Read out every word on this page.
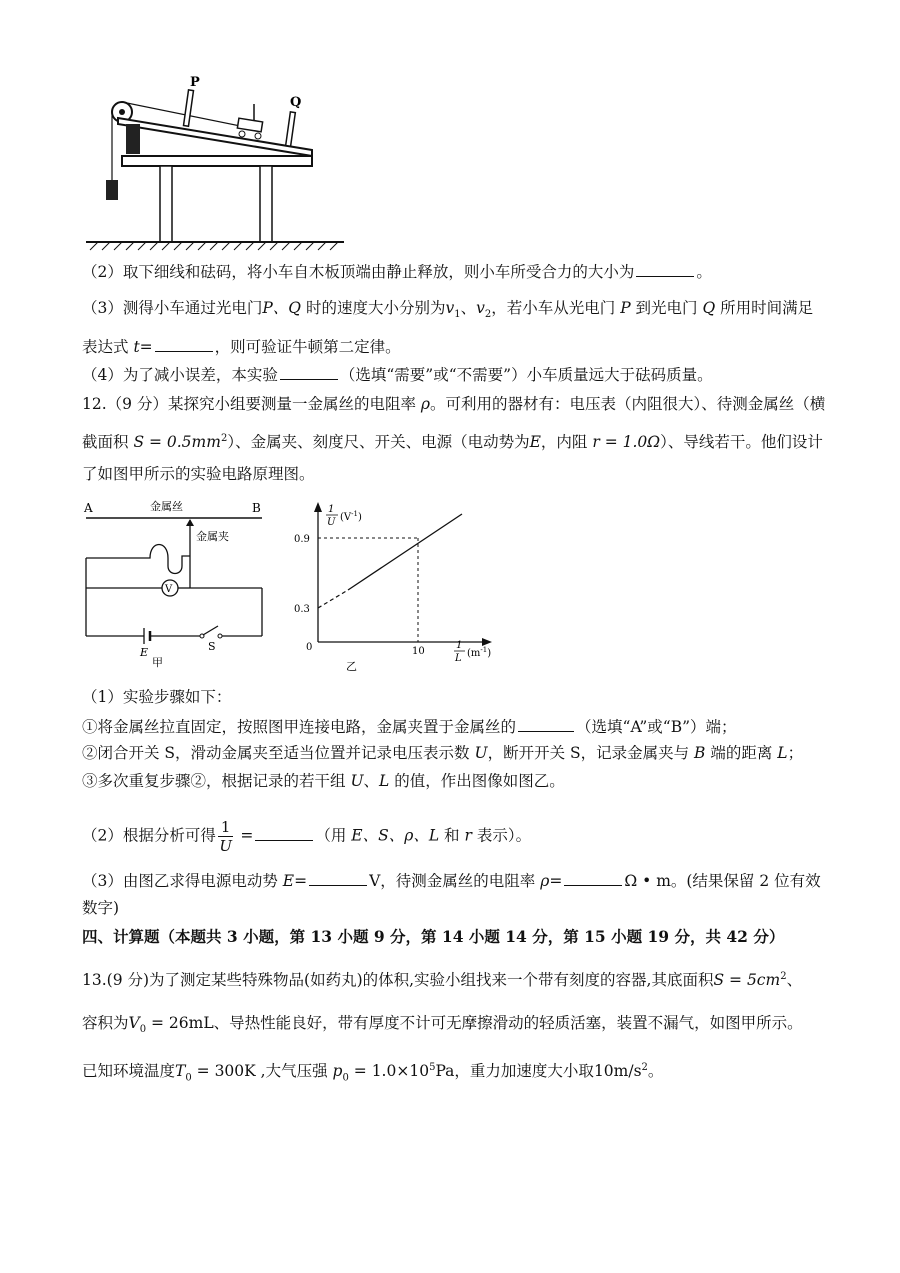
P
Q
（2）取下细线和砝码，将小车自木板顶端由静止释放，则小车所受合力的大小为	。
（3）测得小车通过光电门P、Q 时的速度大小分别为$v_1$、$v_2$，若小车从光电门 P 到光电门 Q 所用时间满足
表达式 t=	，则可验证牛顿第二定律。
（4）为了减小误差，本实验	（选填“需要”或“不需要”）小车质量远大于砝码质量。
12.（9 分）某探究小组要测量一金属丝的电阻率 ρ。可利用的器材有：电压表（内阻很大）、待测金属丝（横
截面积 $S = 0.5mm^2$）、金属夹、刻度尺、开关、电源（电动势为E，内阻 r = 1.0Ω）、导线若干。他们设计
了如图甲所示的实验电路原理图。
A	B
金属丝
金属夹
V
E
甲
S
1
U $(V^{-1})$
1
L $(m^{-1})$
0.9
0.3
0	10
乙
（1）实验步骤如下：
①将金属丝拉直固定，按照图甲连接电路，金属夹置于金属丝的	（选填“A”或“B”）端；
②闭合开关 S，滑动金属夹至适当位置并记录电压表示数 U，断开开关 S，记录金属夹与 B 端的距离 L；
③多次重复步骤②，根据记录的若干组 U、L 的值，作出图像如图乙。
（2）根据分析可得 $\frac{1}{U}$ =	（用 E、S、ρ、L 和 r 表示）。
（3）由图乙求得电源电动势 E=	V，待测金属丝的电阻率 ρ=	Ω • m。(结果保留 2 位有效
数字)
四、计算题（本题共 3 小题，第 13 小题 9 分，第 14 小题 14 分，第 15 小题 19 分，共 42 分）
13.(9 分)为了测定某些特殊物品(如药丸)的体积,实验小组找来一个带有刻度的容器,其底面积$S = 5cm^2$、
容积为$V_0 = 26mL$、导热性能良好，带有厚度不计可无摩擦滑动的轻质活塞，装置不漏气，如图甲所示。
已知环境温度$T_0 = 300K$ ,大气压强 $p_0 = 1.0\times 10^5Pa$，重力加速度大小取$10m/s^2$。
